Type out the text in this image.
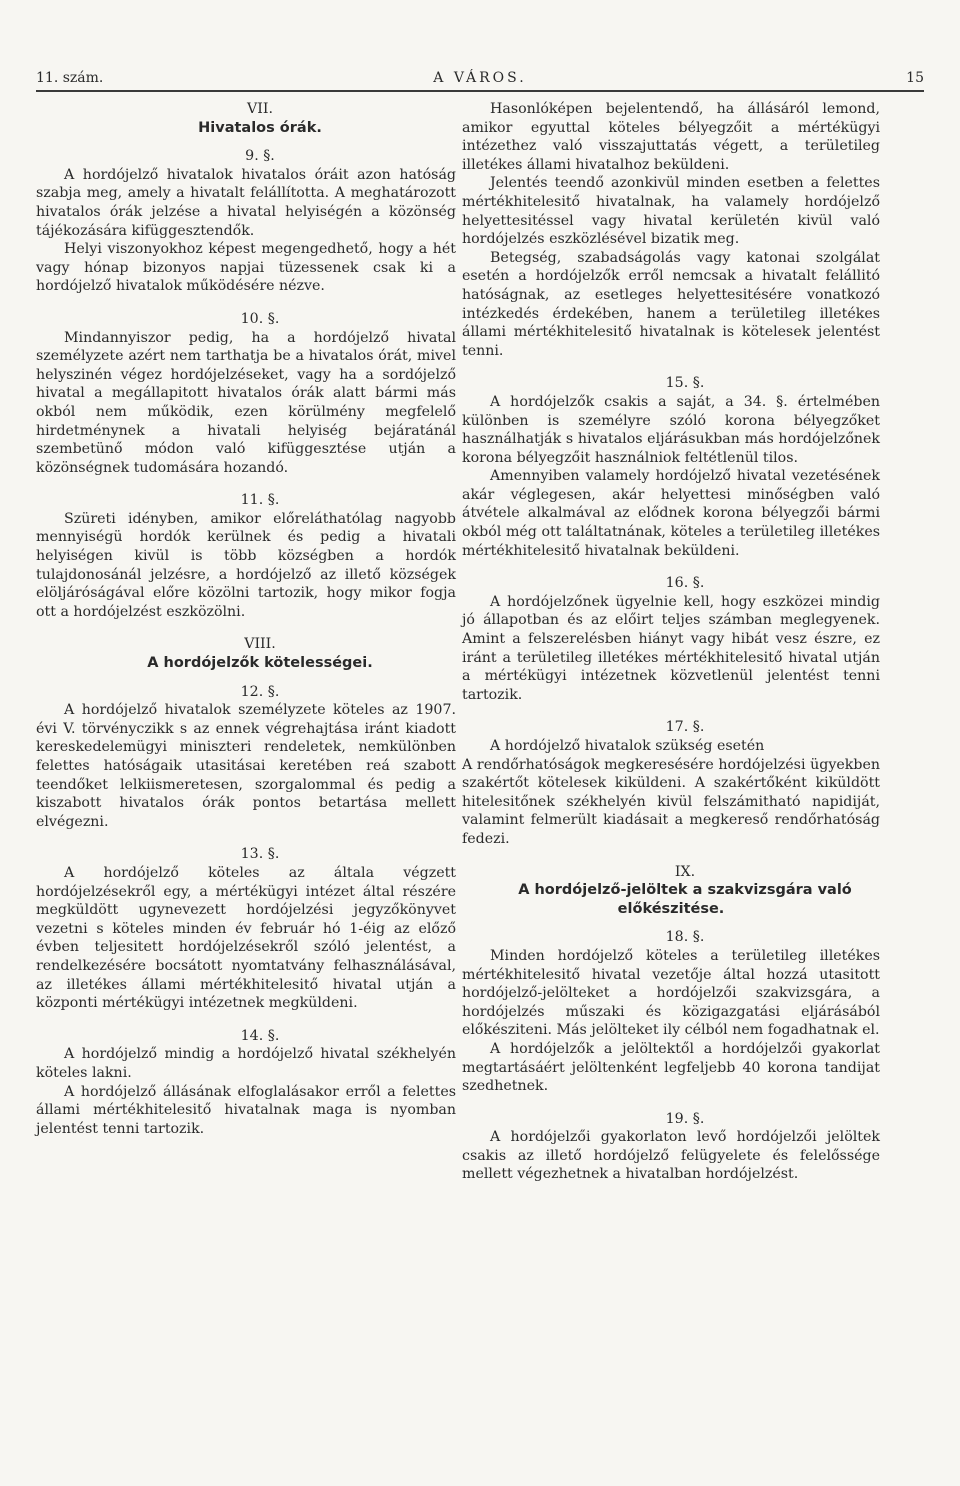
11. szám.	A VÁROS.	15

VII.

Hivatalos órák.

9. §.

A hordójelző hivatalok hivatalos óráit azon hatóság szabja meg, amely a hivatalt felállította. A meghatározott hivatalos órák jelzése a hivatal helyiségén a közönség tájékozására kifüggesztendők.

Helyi viszonyokhoz képest megengedhető, hogy a hét vagy hónap bizonyos napjai tüzessenek csak ki a hordójelző hivatalok működésére nézve.

10. §.

Mindannyiszor pedig, ha a hordójelző hivatal személyzete azért nem tarthatja be a hivatalos órát, mivel helyszinén végez hordójelzéseket, vagy ha a sordójelző hivatal a megállapitott hivatalos órák alatt bármi más okból nem működik, ezen körülmény megfelelő hirdetménynek a hivatali helyiség bejáratánál szembetünő módon való kifüggesztése utján a közönségnek tudomására hozandó.

11. §.

Szüreti idényben, amikor előreláthatólag nagyobb mennyiségü hordók kerülnek és pedig a hivatali helyiségen kivül is több községben a hordók tulajdonosánál jelzésre, a hordójelző az illető községek elöljáróságával előre közölni tartozik, hogy mikor fogja ott a hordójelzést eszközölni.

VIII.

A hordójelzők kötelességei.

12. §.

A hordójelző hivatalok személyzete köteles az 1907. évi V. törvényczikk s az ennek végrehajtása iránt kiadott kereskedelemügyi miniszteri rendeletek, nemkülönben felettes hatóságaik utasitásai keretében reá szabott teendőket lelkiismeretesen, szorgalommal és pedig a kiszabott hivatalos órák pontos betartása mellett elvégezni.

13. §.

A hordójelző köteles az általa végzett hordójelzésekről egy, a mértékügyi intézet által részére megküldött ugynevezett hordójelzési jegyzőkönyvet vezetni s köteles minden év február hó 1-éig az előző évben teljesitett hordójelzésekről szóló jelentést, a rendelkezésére bocsátott nyomtatvány felhasználásával, az illetékes állami mértékhitelesitő hivatal utján a központi mértékügyi intézetnek megküldeni.

14. §.

A hordójelző mindig a hordójelző hivatal székhelyén köteles lakni.

A hordójelző állásának elfoglalásakor erről a felettes állami mértékhitelesitő hivatalnak maga is nyomban jelentést tenni tartozik.

Hasonlóképen bejelentendő, ha állásáról lemond, amikor egyuttal köteles bélyegzőit a mértékügyi intézethez való visszajuttatás végett, a területileg illetékes állami hivatalhoz beküldeni.

Jelentés teendő azonkivül minden esetben a felettes mértékhitelesitő hivatalnak, ha valamely hordójelző helyettesitéssel vagy hivatal kerületén kivül való hordójelzés eszközlésével bizatik meg.

Betegség, szabadságolás vagy katonai szolgálat esetén a hordójelzők erről nemcsak a hivatalt felállitó hatóságnak, az esetleges helyettesitésére vonatkozó intézkedés érdekében, hanem a területileg illetékes állami mértékhitelesitő hivatalnak is kötelesek jelentést tenni.

15. §.

A hordójelzők csakis a saját, a 34. §. értelmében különben is személyre szóló korona bélyegzőket használhatják s hivatalos eljárásukban más hordójelzőnek korona bélyegzőit használniok feltétlenül tilos.

Amennyiben valamely hordójelző hivatal vezetésének akár véglegesen, akár helyettesi minőségben való átvétele alkalmával az elődnek korona bélyegzői bármi okból még ott találtatnának, köteles a területileg illetékes mértékhitelesitő hivatalnak beküldeni.

16. §.

A hordójelzőnek ügyelnie kell, hogy eszközei mindig jó állapotban és az előirt teljes számban meglegyenek. Amint a felszerelésben hiányt vagy hibát vesz észre, ez iránt a területileg illetékes mértékhitelesitő hivatal utján a mértékügyi intézetnek közvetlenül jelentést tenni tartozik.

17. §.

A hordójelző hivatalok szükség esetén

A rendőrhatóságok megkeresésére hordójelzési ügyekben szakértőt kötelesek kiküldeni. A szakértőként kiküldött hitelesitőnek székhelyén kivül felszámitható napidiját, valamint felmerült kiadásait a megkereső rendőrhatóság fedezi.

IX.

A hordójelző-jelöltek a szakvizsgára való előkészitése.

18. §.

Minden hordójelző köteles a területileg illetékes mértékhitelesitő hivatal vezetője által hozzá utasitott hordójelző-jelölteket a hordójelzői szakvizsgára, a hordójelzés műszaki és közigazgatási eljárásából előkésziteni. Más jelölteket ily célból nem fogadhatnak el.

A hordójelzők a jelöltektől a hordójelzői gyakorlat megtartásáért jelöltenként legfeljebb 40 korona tandijat szedhetnek.

19. §.

A hordójelzői gyakorlaton levő hordójelzői jelöltek csakis az illető hordójelző felügyelete és felelőssége mellett végezhetnek a hivatalban hordójelzést.
